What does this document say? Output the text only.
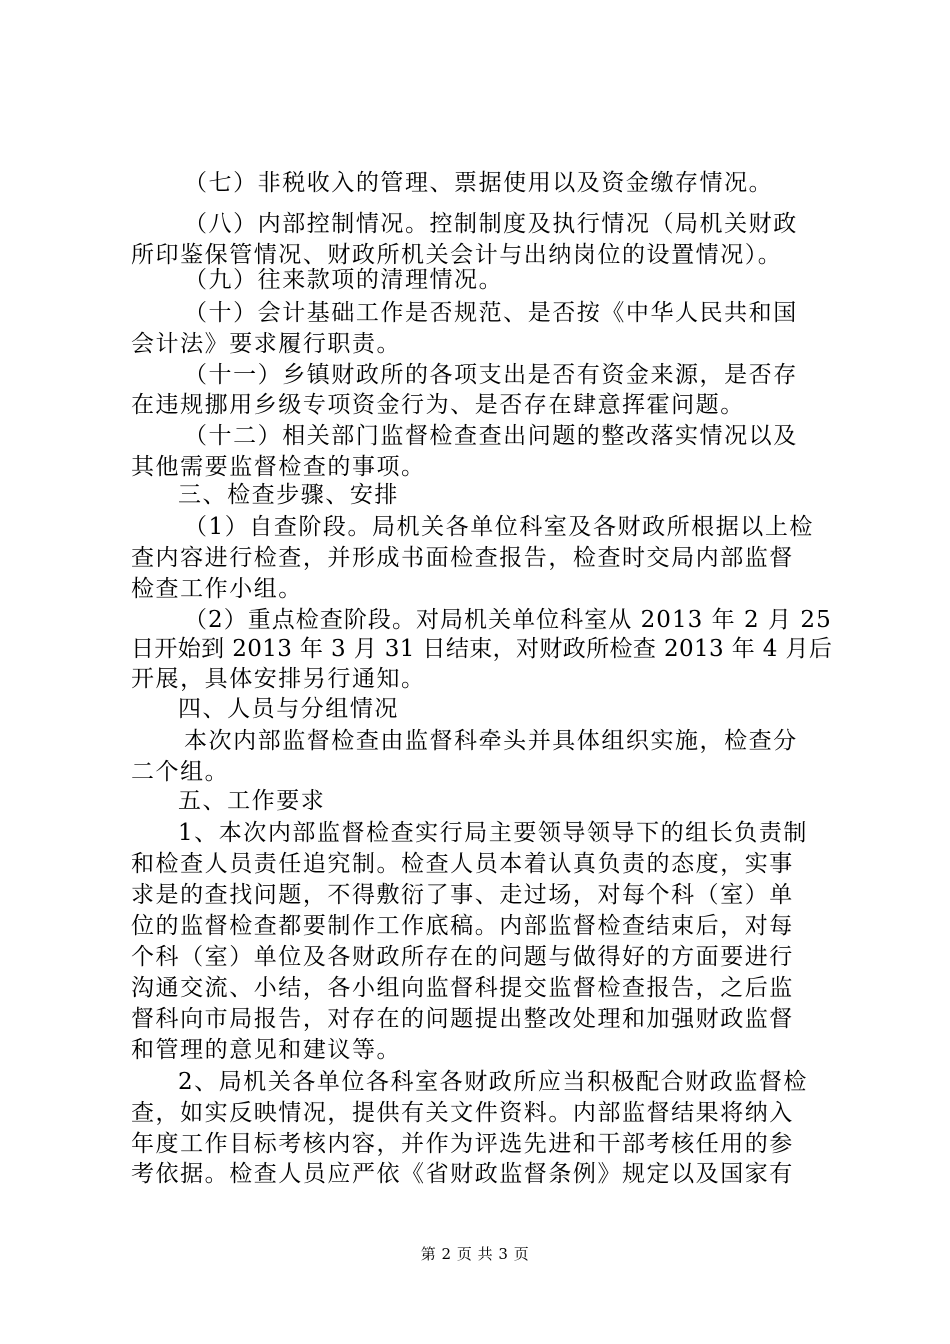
（七）非税收入的管理、票据使用以及资金缴存情况。
（八）内部控制情况。控制制度及执行情况（局机关财政
所印鉴保管情况、财政所机关会计与出纳岗位的设置情况）。
（九）往来款项的清理情况。
（十）会计基础工作是否规范、是否按《中华人民共和国
会计法》要求履行职责。
（十一）乡镇财政所的各项支出是否有资金来源，是否存
在违规挪用乡级专项资金行为、是否存在肆意挥霍问题。
（十二）相关部门监督检查查出问题的整改落实情况以及
其他需要监督检查的事项。
三、检查步骤、安排
（1）自查阶段。局机关各单位科室及各财政所根据以上检
查内容进行检查，并形成书面检查报告，检查时交局内部监督
检查工作小组。
（2）重点检查阶段。对局机关单位科室从 2013 年 2 月 25
日开始到 2013 年 3 月 31 日结束，对财政所检查 2013 年 4 月后
开展，具体安排另行通知。
四、人员与分组情况
本次内部监督检查由监督科牵头并具体组织实施，检查分
二个组。
五、工作要求
1、本次内部监督检查实行局主要领导领导下的组长负责制
和检查人员责任追究制。检查人员本着认真负责的态度，实事
求是的查找问题，不得敷衍了事、走过场，对每个科（室）单
位的监督检查都要制作工作底稿。内部监督检查结束后，对每
个科（室）单位及各财政所存在的问题与做得好的方面要进行
沟通交流、小结，各小组向监督科提交监督检查报告，之后监
督科向市局报告，对存在的问题提出整改处理和加强财政监督
和管理的意见和建议等。
2、局机关各单位各科室各财政所应当积极配合财政监督检
查，如实反映情况，提供有关文件资料。内部监督结果将纳入
年度工作目标考核内容，并作为评选先进和干部考核任用的参
考依据。检查人员应严依《省财政监督条例》规定以及国家有
第 2 页 共 3 页
